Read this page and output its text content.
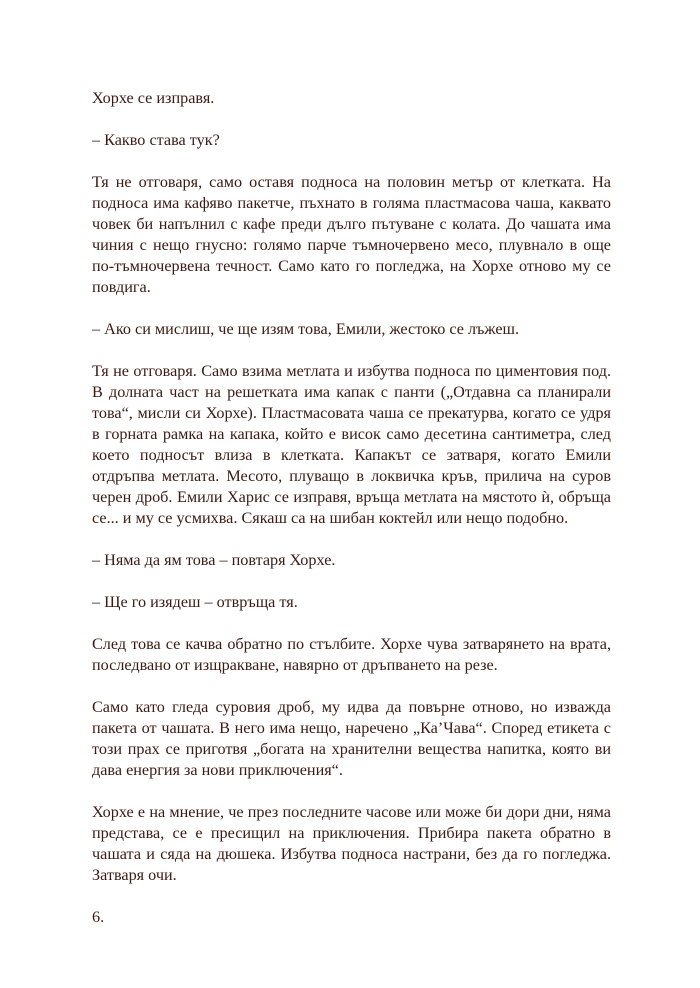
Хорхе се изправя.

– Какво става тук?

Тя не отговаря, само оставя подноса на половин метър от клетката. На подноса има кафяво пакетче, пъхнато в голяма пластмасова чаша, каквато човек би напълнил с кафе преди дълго пътуване с колата. До чашата има чиния с нещо гнусно: голямо парче тъмночервено месо, плувнало в още по-тъмночервена течност. Само като го погледжа, на Хорхе отново му се повдига.

– Ако си мислиш, че ще изям това, Емили, жестоко се лъжеш.

Тя не отговаря. Само взима метлата и избутва подноса по циментовия под. В долната част на решетката има капак с панти („Отдавна са планирали това“, мисли си Хорхе). Пластмасовата чаша се прекатурва, когато се удря в горната рамка на капака, който е висок само десетина сантиметра, след което подносът влиза в клетката. Капакът се затваря, когато Емили отдръпва метлата. Месото, плуващо в локвичка кръв, прилича на суров черен дроб. Емили Харис се изправя, връща метлата на мястото ѝ, обръща се... и му се усмихва. Сякаш са на шибан коктейл или нещо подобно.

– Няма да ям това – повтаря Хорхе.

– Ще го изядеш – отвръща тя.

След това се качва обратно по стълбите. Хорхе чува затварянето на врата, последвано от изщракване, навярно от дръпването на резе.

Само като гледа суровия дроб, му идва да повърне отново, но изважда пакета от чашата. В него има нещо, наречено „Ка’Чава“. Според етикета с този прах се приготвя „богата на хранителни вещества напитка, която ви дава енергия за нови приключения“.

Хорхе е на мнение, че през последните часове или може би дори дни, няма представа, се е пресищил на приключения. Прибира пакета обратно в чашата и сяда на дюшека. Избутва подноса настрани, без да го погледжа. Затваря очи.

6.
